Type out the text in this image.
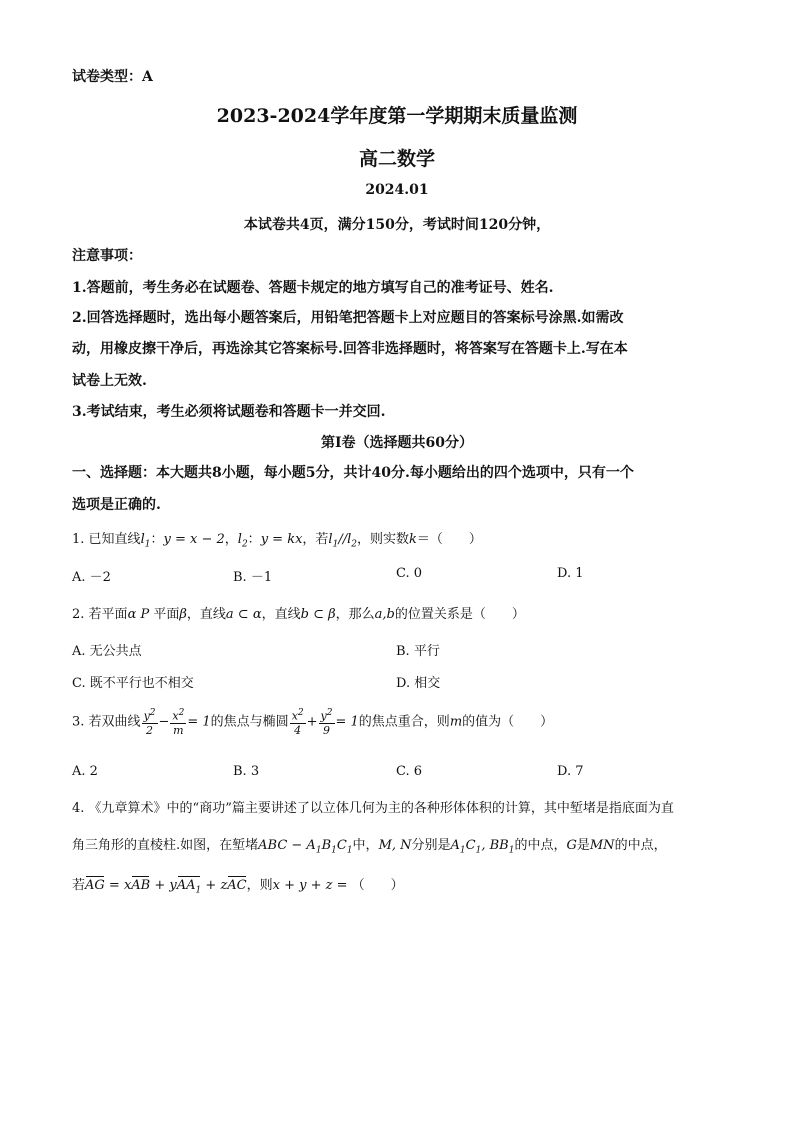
试卷类型：A
2023-2024学年度第一学期期末质量监测
高二数学
2024.01
本试卷共4页，满分150分，考试时间120分钟，
注意事项：
1.答题前，考生务必在试题卷、答题卡规定的地方填写自己的准考证号、姓名.
2.回答选择题时，选出每小题答案后，用铅笔把答题卡上对应题目的答案标号涂黑.如需改
动，用橡皮擦干净后，再选涂其它答案标号.回答非选择题时，将答案写在答题卡上.写在本
试卷上无效.
3.考试结束，考生必须将试题卷和答题卡一并交回.
第Ⅰ卷（选择题共60分）
一、选择题：本大题共8小题，每小题5分，共计40分.每小题给出的四个选项中，只有一个
选项是正确的.
1. 已知直线$l_1$：y = x − 2，$l_2$：y = kx，若$l_1//l_2$，则实数k＝（　　）
A. －2	B. －1	C. 0	D. 1
2. 若平面α P 平面β，直线a ⊂ α，直线b ⊂ β，那么a,b的位置关系是（　　）
A. 无公共点	B. 平行
C. 既不平行也不相交	D. 相交
3. 若双曲线 $\frac{y^2}{2} - \frac{x^2}{m} = 1$的焦点与椭圆 $\frac{x^2}{4} + \frac{y^2}{9} = 1$的焦点重合，则m的值为（　　）
A. 2	B. 3	C. 6	D. 7
4. 《九章算术》中的“商功”篇主要讲述了以立体几何为主的各种形体体积的计算，其中堑堵是指底面为直
角三角形的直棱柱.如图，在堑堵ABC − $A_1B_1C_1$中，M, N分别是$A_1C_1$, $BB_1$的中点，G是MN的中点，
若AG = xAB + yAA$_1$ + zAC，则x + y + z = （　　）
